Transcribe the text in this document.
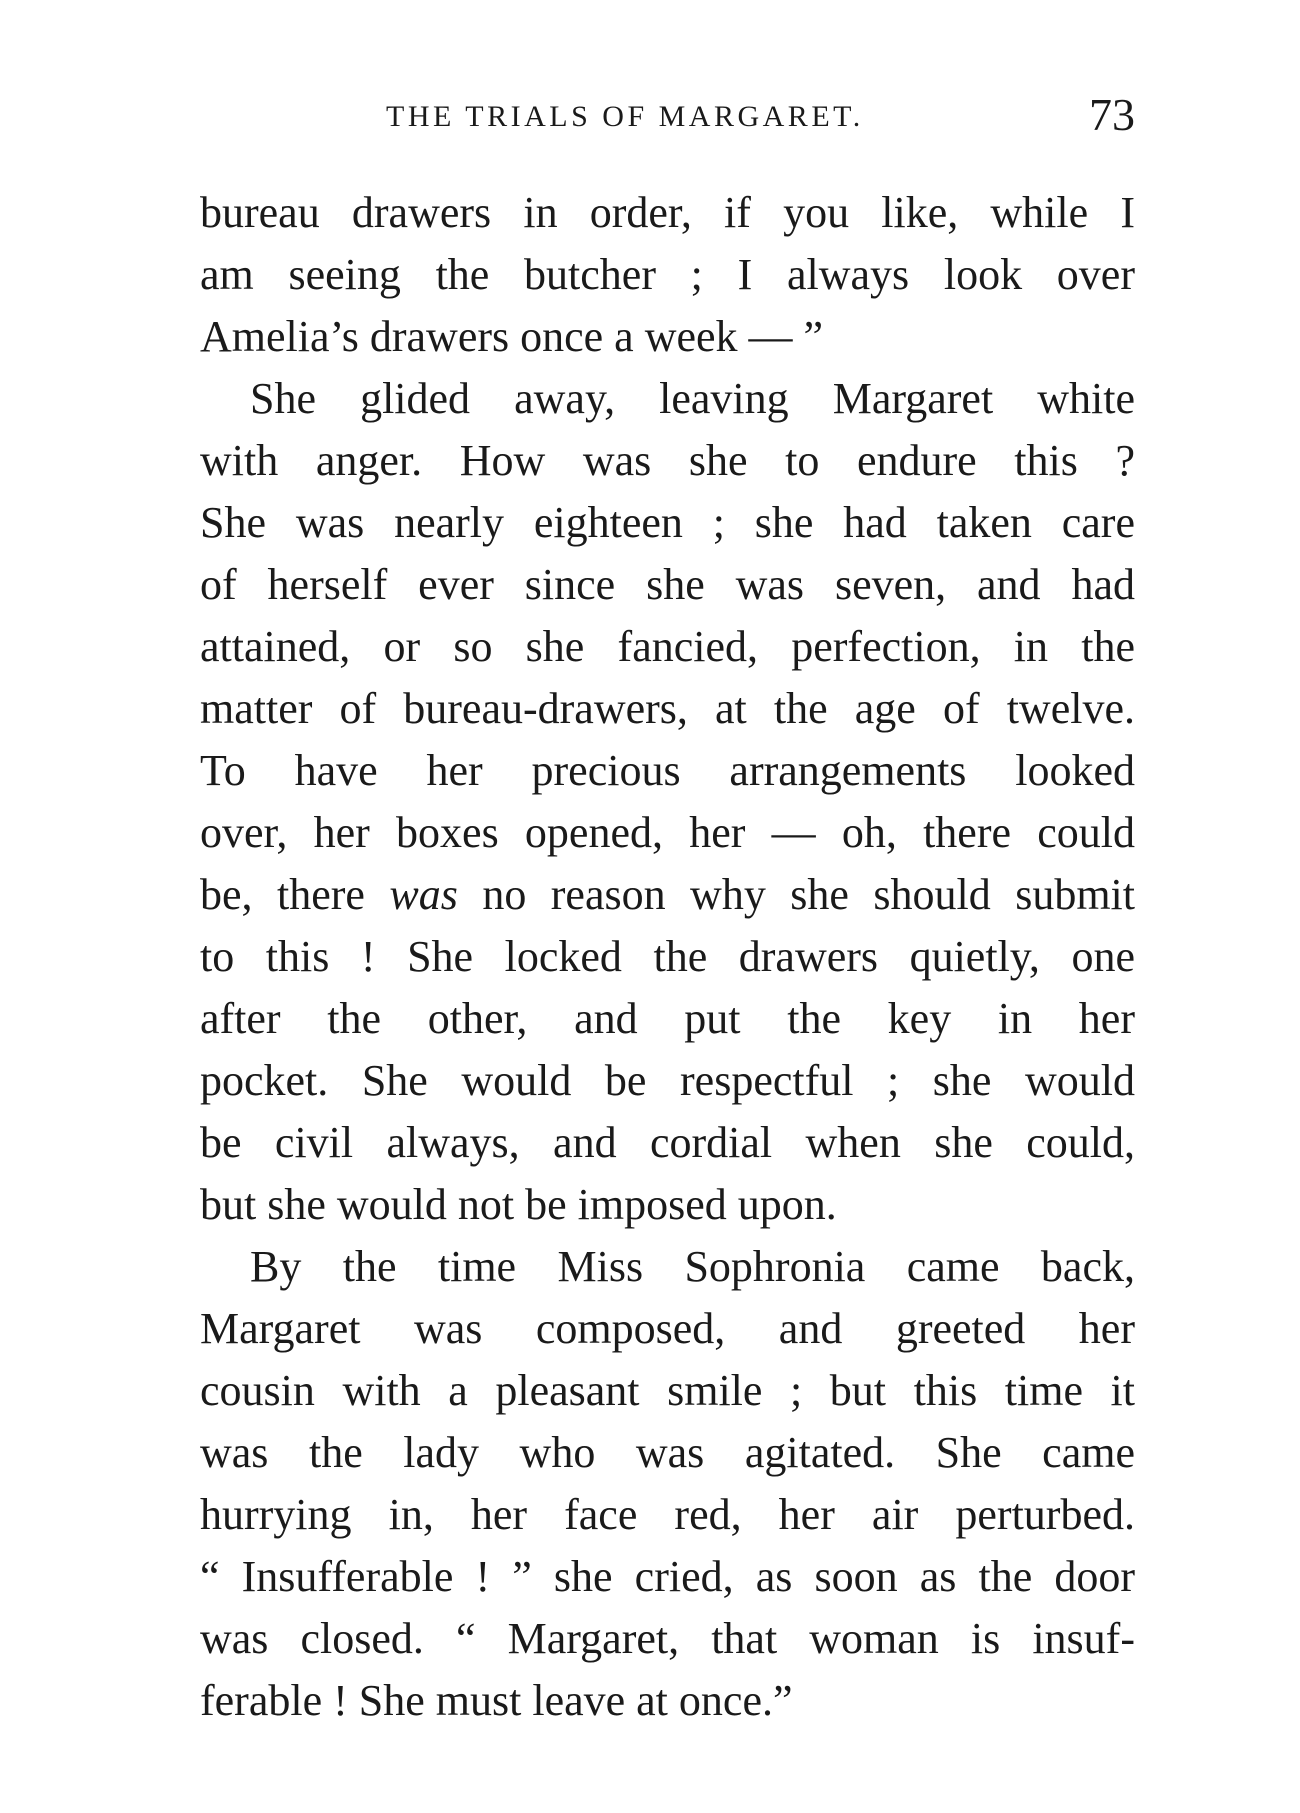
THE TRIALS OF MARGARET.	73
bureau drawers in order, if you like, while I
am seeing the butcher ; I always look over
Amelia’s drawers once a week — ”
She glided away, leaving Margaret white
with anger. How was she to endure this ?
She was nearly eighteen ; she had taken care
of herself ever since she was seven, and had
attained, or so she fancied, perfection, in the
matter of bureau-drawers, at the age of twelve.
To have her precious arrangements looked
over, her boxes opened, her — oh, there could
be, there was no reason why she should submit
to this ! She locked the drawers quietly, one
after the other, and put the key in her
pocket. She would be respectful ; she would
be civil always, and cordial when she could,
but she would not be imposed upon.
By the time Miss Sophronia came back,
Margaret was composed, and greeted her
cousin with a pleasant smile ; but this time it
was the lady who was agitated. She came
hurrying in, her face red, her air perturbed.
“ Insufferable ! ” she cried, as soon as the door
was closed. “ Margaret, that woman is insuf-
ferable ! She must leave at once.”
